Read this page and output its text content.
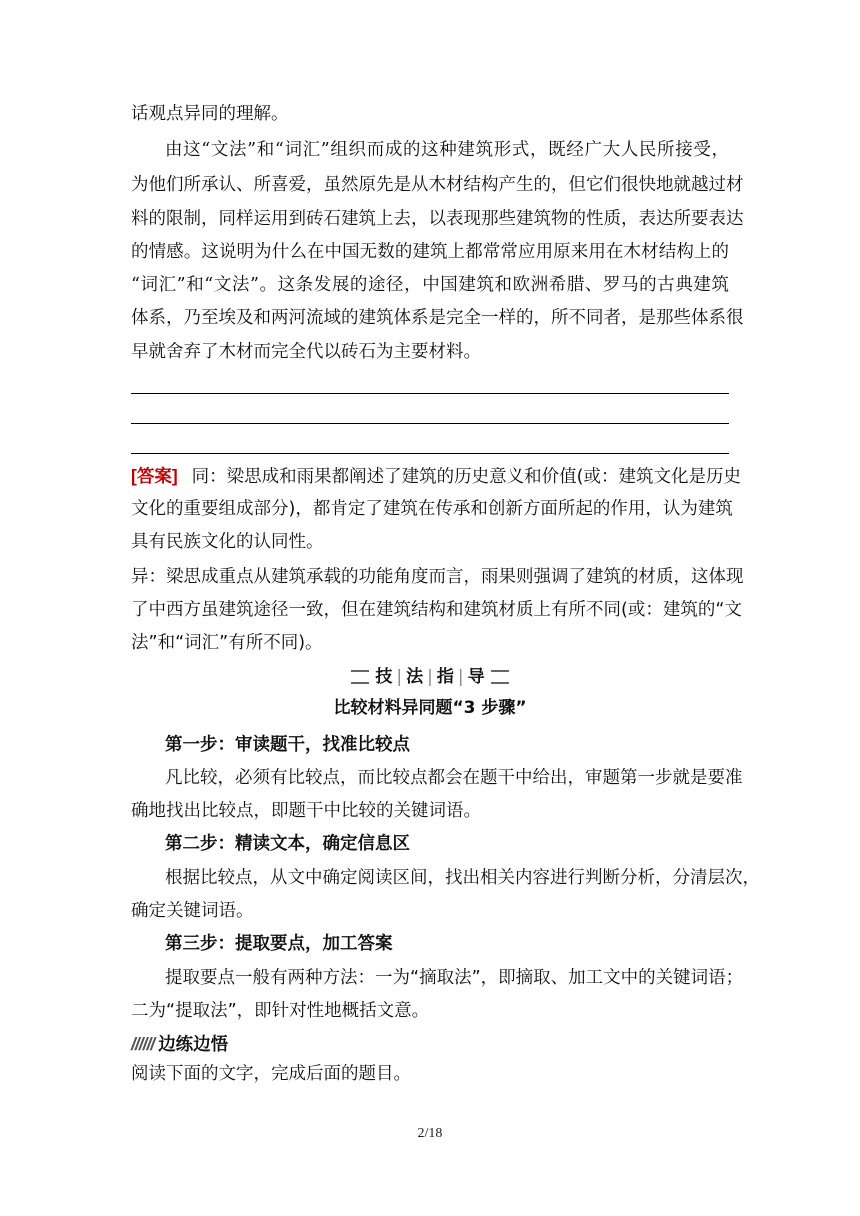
话观点异同的理解。
由这“文法”和“词汇”组织而成的这种建筑形式，既经广大人民所接受，
为他们所承认、所喜爱，虽然原先是从木材结构产生的，但它们很快地就越过材
料的限制，同样运用到砖石建筑上去，以表现那些建筑物的性质，表达所要表达
的情感。这说明为什么在中国无数的建筑上都常常应用原来用在木材结构上的
“词汇”和“文法”。这条发展的途径，中国建筑和欧洲希腊、罗马的古典建筑
体系，乃至埃及和两河流域的建筑体系是完全一样的，所不同者，是那些体系很
早就舍弃了木材而完全代以砖石为主要材料。
[答案] 同：梁思成和雨果都阐述了建筑的历史意义和价值(或：建筑文化是历史
文化的重要组成部分)，都肯定了建筑在传承和创新方面所起的作用，认为建筑
具有民族文化的认同性。
异：梁思成重点从建筑承载的功能角度而言，雨果则强调了建筑的材质，这体现
了中西方虽建筑途径一致，但在建筑结构和建筑材质上有所不同(或：建筑的“文
法”和“词汇”有所不同)。
技 | 法 | 指 | 导
比较材料异同题“3 步骤”
第一步：审读题干，找准比较点
凡比较，必须有比较点，而比较点都会在题干中给出，审题第一步就是要准
确地找出比较点，即题干中比较的关键词语。
第二步：精读文本，确定信息区
根据比较点，从文中确定阅读区间，找出相关内容进行判断分析，分清层次，
确定关键词语。
第三步：提取要点，加工答案
提取要点一般有两种方法：一为“摘取法”，即摘取、加工文中的关键词语；
二为“提取法”，即针对性地概括文意。
////// 边练边悟
阅读下面的文字，完成后面的题目。
2/18
